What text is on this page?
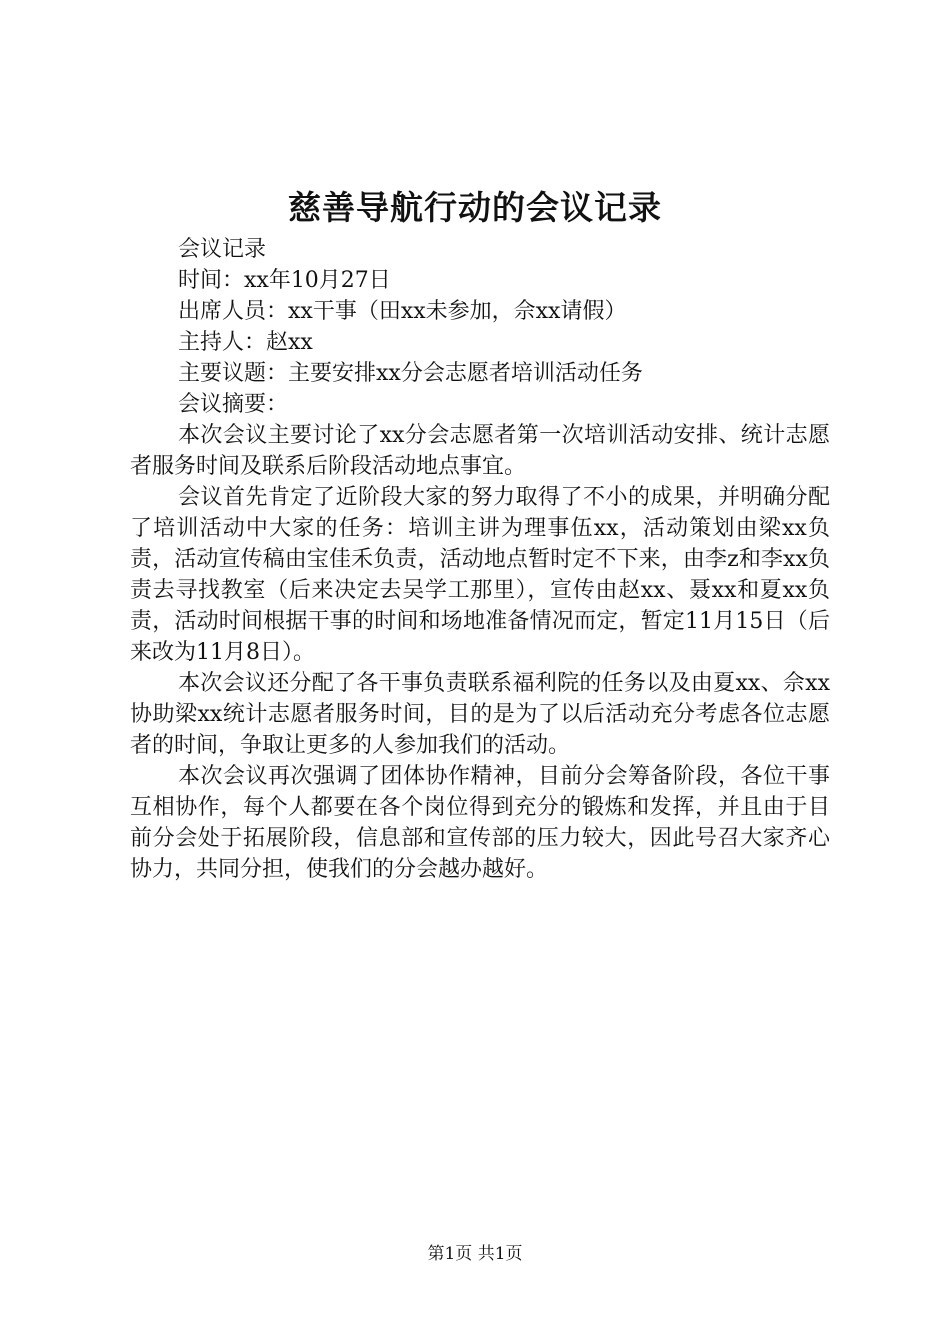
慈善导航行动的会议记录

会议记录

时间：xx年10月27日

出席人员：xx干事（田xx未参加，佘xx请假）

主持人：赵xx

主要议题：主要安排xx分会志愿者培训活动任务

会议摘要：

本次会议主要讨论了xx分会志愿者第一次培训活动安排、统计志愿者服务时间及联系后阶段活动地点事宜。

会议首先肯定了近阶段大家的努力取得了不小的成果，并明确分配了培训活动中大家的任务：培训主讲为理事伍xx，活动策划由梁xx负责，活动宣传稿由宝佳禾负责，活动地点暂时定不下来，由李z和李xx负责去寻找教室（后来决定去吴学工那里），宣传由赵xx、聂xx和夏xx负责，活动时间根据干事的时间和场地准备情况而定，暂定11月15日（后来改为11月8日）。

本次会议还分配了各干事负责联系福利院的任务以及由夏xx、佘xx协助梁xx统计志愿者服务时间，目的是为了以后活动充分考虑各位志愿者的时间，争取让更多的人参加我们的活动。

本次会议再次强调了团体协作精神，目前分会筹备阶段，各位干事互相协作，每个人都要在各个岗位得到充分的锻炼和发挥，并且由于目前分会处于拓展阶段，信息部和宣传部的压力较大，因此号召大家齐心协力，共同分担，使我们的分会越办越好。

第1页 共1页
